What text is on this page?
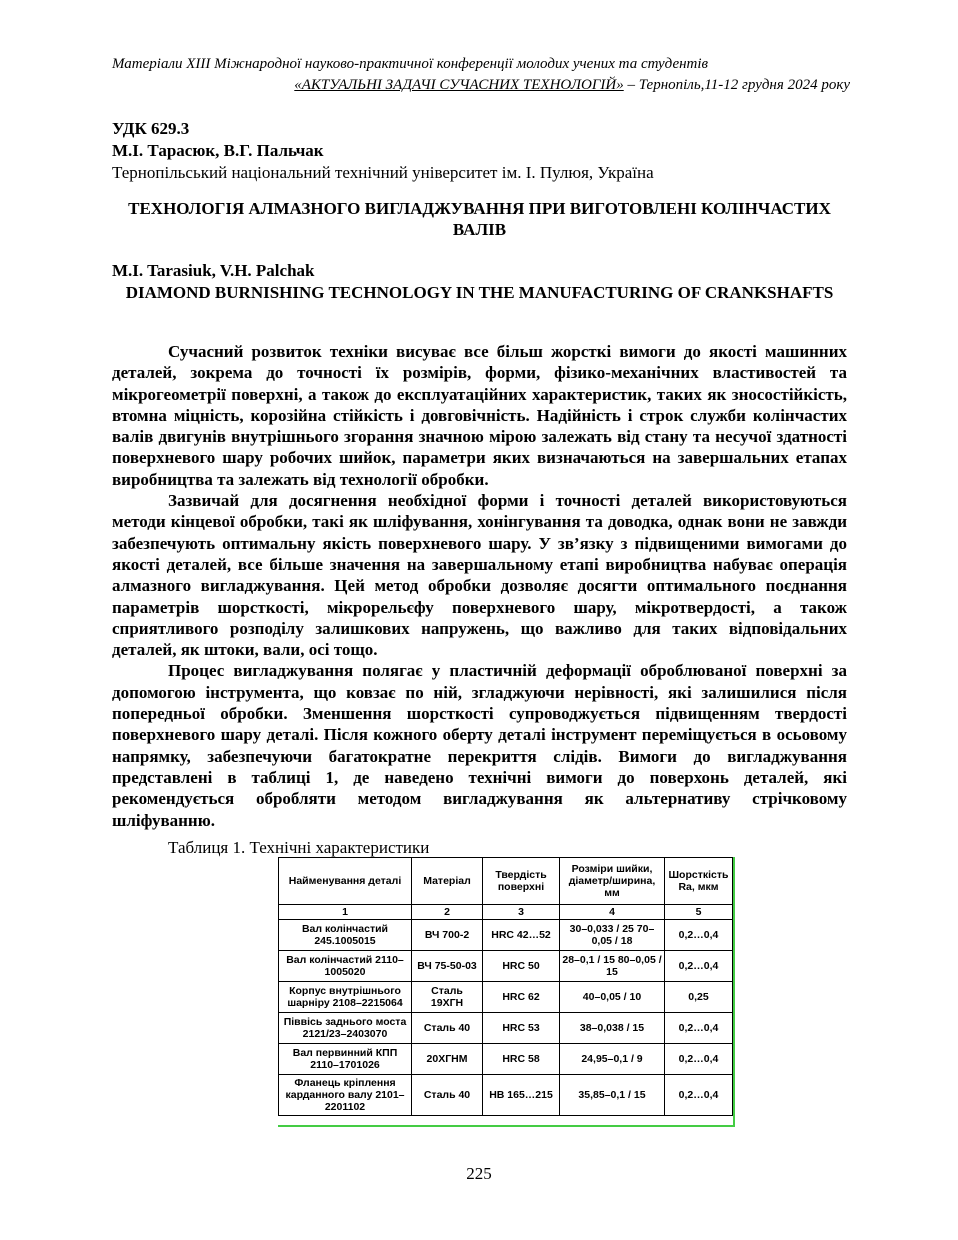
Матеріали XIII Міжнародної науково-практичної конференції молодих учених та студентів
«АКТУАЛЬНІ ЗАДАЧІ СУЧАСНИХ ТЕХНОЛОГІЙ» – Тернопіль,11-12 грудня 2024 року
УДК 629.3
М.І. Тарасюк, В.Г. Пальчак
Тернопільський національний технічний університет ім. І. Пулюя, Україна
ТЕХНОЛОГІЯ АЛМАЗНОГО ВИГЛАДЖУВАННЯ ПРИ ВИГОТОВЛЕНІ КОЛІНЧАСТИХ ВАЛІВ
M.I. Tarasiuk, V.H. Palchak
DIAMOND BURNISHING TECHNOLOGY IN THE MANUFACTURING OF CRANKSHAFTS

Сучасний розвиток техніки висуває все більш жорсткі вимоги до якості машинних деталей, зокрема до точності їх розмірів, форми, фізико-механічних властивостей та мікрогеометрії поверхні, а також до експлуатаційних характеристик, таких як зносостійкість, втомна міцність, корозійна стійкість і довговічність. Надійність і строк служби колінчастих валів двигунів внутрішнього згорання значною мірою залежать від стану та несучої здатності поверхневого шару робочих шийок, параметри яких визначаються на завершальних етапах виробництва та залежать від технології обробки.

Зазвичай для досягнення необхідної форми і точності деталей використовуються методи кінцевої обробки, такі як шліфування, хонінгування та доводка, однак вони не завжди забезпечують оптимальну якість поверхневого шару. У зв’язку з підвищеними вимогами до якості деталей, все більше значення на завершальному етапі виробництва набуває операція алмазного вигладжування. Цей метод обробки дозволяє досягти оптимального поєднання параметрів шорсткості, мікрорельєфу поверхневого шару, мікротвердості, а також сприятливого розподілу залишкових напружень, що важливо для таких відповідальних деталей, як штоки, вали, осі тощо.

Процес вигладжування полягає у пластичній деформації оброблюваної поверхні за допомогою інструмента, що ковзає по ній, згладжуючи нерівності, які залишилися після попередньої обробки. Зменшення шорсткості супроводжується підвищенням твердості поверхневого шару деталі. Після кожного оберту деталі інструмент переміщується в осьовому напрямку, забезпечуючи багатократне перекриття слідів. Вимоги до вигладжування представлені в таблиці 1, де наведено технічні вимоги до поверхонь деталей, які рекомендується обробляти методом вигладжування як альтернативу стрічковому шліфуванню.

Таблиця 1. Технічні характеристики
Найменування деталі	Матеріал	Твердість поверхні	Розміри шийки, діаметр/ширина, мм	Шорсткість Ra, мкм
1	2	3	4	5
Вал колінчастий 245.1005015	ВЧ 700-2	HRC 42…52	30–0,033 / 25 70–0,05 / 18	0,2…0,4
Вал колінчастий 2110–1005020	ВЧ 75-50-03	HRC 50	28–0,1 / 15 80–0,05 / 15	0,2…0,4
Корпус внутрішнього шарніру 2108–2215064	Сталь 19ХГН	HRC 62	40–0,05 / 10	0,25
Піввісь заднього моста 2121/23–2403070	Сталь 40	HRC 53	38–0,038 / 15	0,2…0,4
Вал первинний КПП 2110–1701026	20ХГНМ	HRC 58	24,95–0,1 / 9	0,2…0,4
Фланець кріплення карданного валу 2101–2201102	Сталь 40	НВ 165…215	35,85–0,1 / 15	0,2…0,4
225
